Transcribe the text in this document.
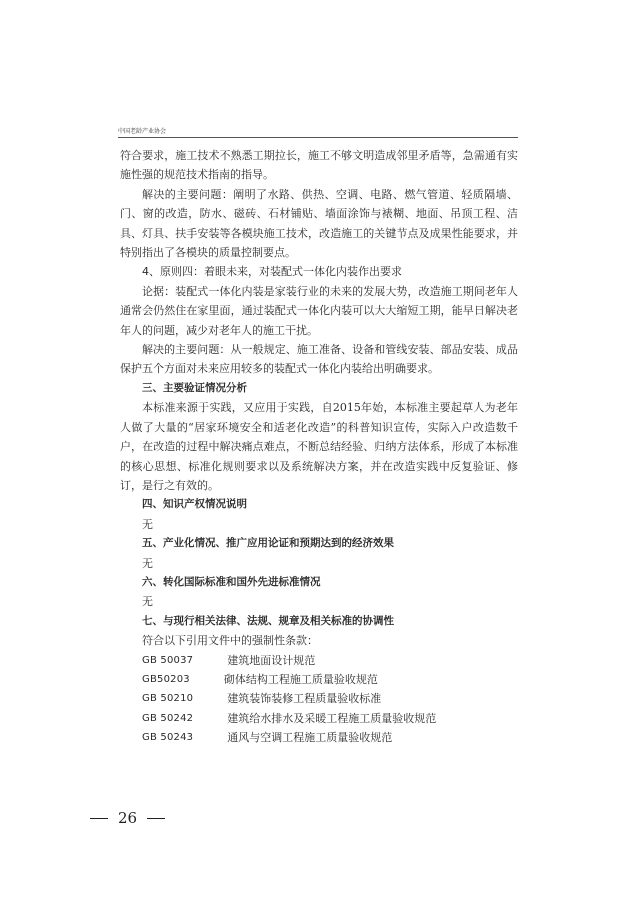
中国老龄产业协会

符合要求，施工技术不熟悉工期拉长，施工不够文明造成邻里矛盾等，急需通有实施性强的规范技术指南的指导。

解决的主要问题：阐明了水路、供热、空调、电路、燃气管道、轻质隔墙、门、窗的改造，防水、磁砖、石材铺贴、墙面涂饰与裱糊、地面、吊顶工程、洁具、灯具、扶手安装等各模块施工技术，改造施工的关键节点及成果性能要求，并特别指出了各模块的质量控制要点。

4、原则四：着眼未来，对装配式一体化内装作出要求

论据：装配式一体化内装是家装行业的未来的发展大势，改造施工期间老年人通常会仍然住在家里面，通过装配式一体化内装可以大大缩短工期，能早日解决老年人的问题，减少对老年人的施工干扰。

解决的主要问题：从一般规定、施工准备、设备和管线安装、部品安装、成品保护五个方面对未来应用较多的装配式一体化内装给出明确要求。

三、主要验证情况分析

本标准来源于实践，又应用于实践，自2015年始，本标准主要起草人为老年人做了大量的“居家环境安全和适老化改造”的科普知识宣传，实际入户改造数千户，在改造的过程中解决痛点难点，不断总结经验、归纳方法体系，形成了本标准的核心思想、标准化规则要求以及系统解决方案，并在改造实践中反复验证、修订，是行之有效的。

四、知识产权情况说明

无

五、产业化情况、推广应用论证和预期达到的经济效果

无

六、转化国际标准和国外先进标准情况

无

七、与现行相关法律、法规、规章及相关标准的协调性

符合以下引用文件中的强制性条款：

GB 50037	建筑地面设计规范
GB50203	砌体结构工程施工质量验收规范
GB 50210	建筑装饰装修工程质量验收标准
GB 50242	建筑给水排水及采暖工程施工质量验收规范
GB 50243	通风与空调工程施工质量验收规范
26
